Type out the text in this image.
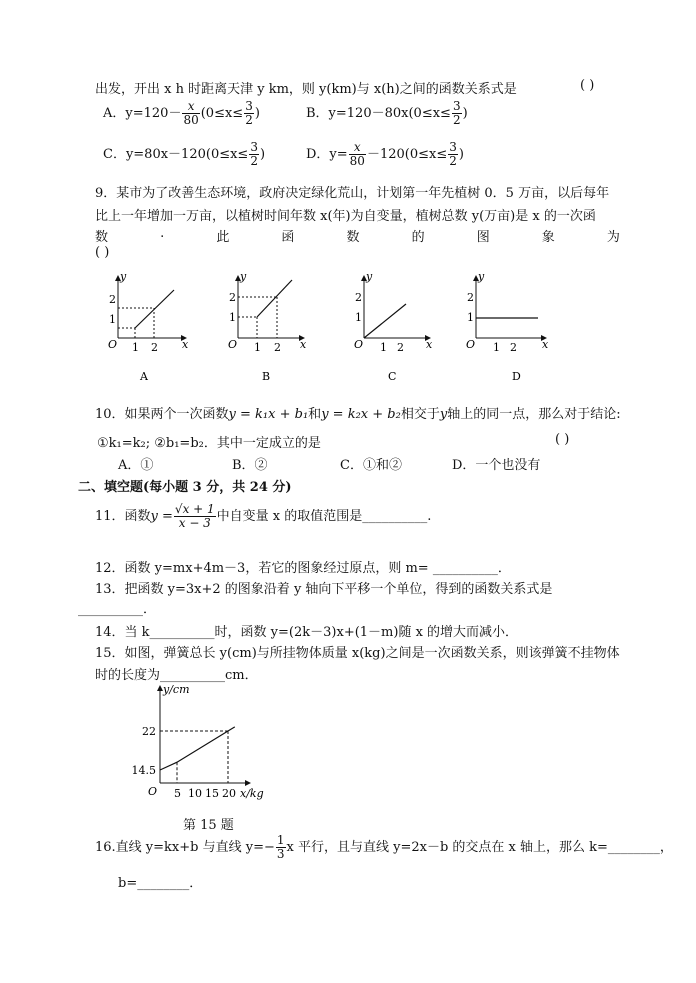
出发，开出 x h 时距离天津 y km，则 y(km)与 x(h)之间的函数关系式是	( )
A．$y=120- \frac{x}{80} (0\le x\le \frac{3}{2}$ )	B．$y=120-80x(0\le x\le \frac{3}{2}$ )
C．$y=80x-120(0\le x\le \frac{3}{2}$ )	D．$y= \frac{x}{80} -120(0\le x\le \frac{3}{2}$ )
9．某市为了改善生态环境，政府决定绿化荒山，计划第一年先植树 0．5 万亩，以后每年
比上一年增加一万亩，以植树时间年数 x(年)为自变量，植树总数 y(万亩)是 x 的一次函
数	.	此	函	数	的	图	象	为
( )
O
y
x
2
1
1 2
A
O
y
x
2
1
1 2
B
O
y
x
2
1
1 2
C
O
y
x
2
1
1 2
D
10．如果两个一次函数y = k₁x + b₁和y = k₂x + b₂相交于y轴上的同一点，那么对于结论:
①k₁=k₂; ②b₁=b₂．其中一定成立的是	( )
A．①	B．②	C．①和②	D．一个也没有
二、填空题(每小题 3 分，共 24 分)
11．函数$y = \frac{√x + 1}{x - 3}$ 中自变量 x 的取值范围是__________.
12．函数 y=mx+4m－3，若它的图象经过原点，则 m= __________．
13．把函数 y=3x+2 的图象沿着 y 轴向下平移一个单位，得到的函数关系式是
__________．
14．当 k__________时，函数 y=(2k－3)x+(1－m)随 x 的增大而减小．
15．如图，弹簧总长 y(cm)与所挂物体质量 x(kg)之间是一次函数关系，则该弹簧不挂物体
时的长度为__________cm．
O
y/cm
x/kg
5 10 15 20
14.5
22
第 15 题
16.直线 y=kx+b 与直线 $y=- \frac{1}{3}$ x 平行，且与直线 y=2x－b 的交点在 x 轴上，那么 k=________，
b=________．
